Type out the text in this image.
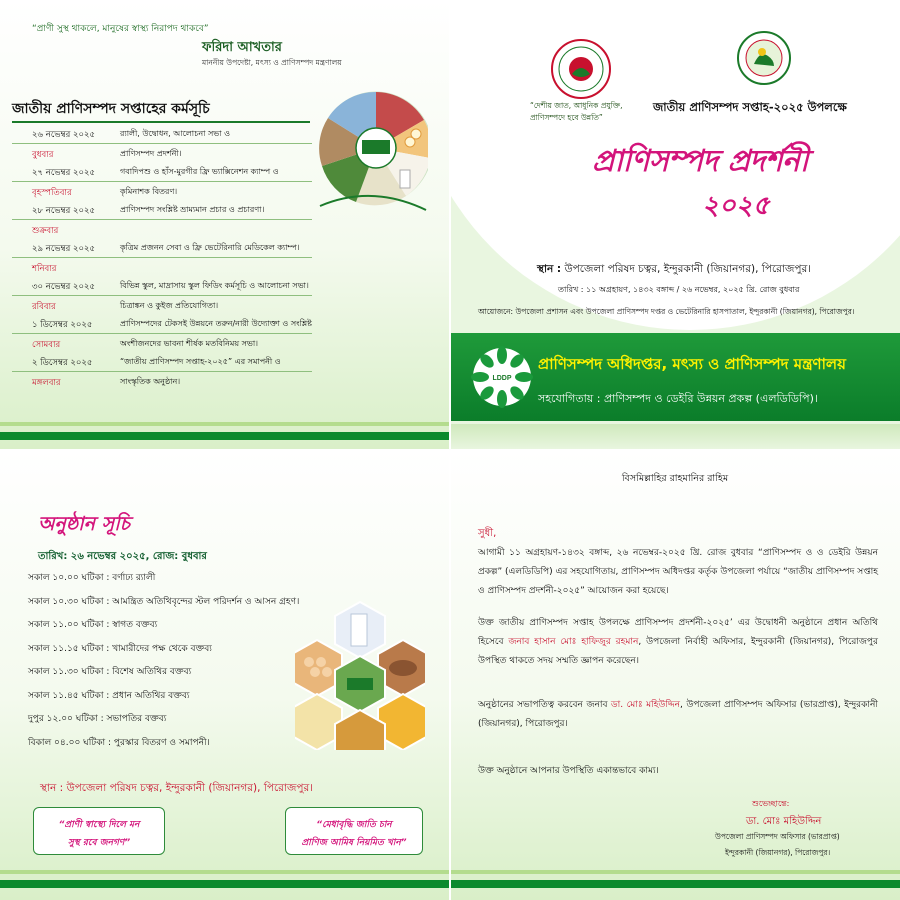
“প্রাণী সুস্থ থাকলে, মানুষের স্বাস্থ্য নিরাপদ থাকবে”
ফরিদা আখতার
মাননীয় উপদেষ্টা, মৎস্য ও প্রাণিসম্পদ মন্ত্রণালয়
জাতীয় প্রাণিসম্পদ সপ্তাহের কর্মসূচি
২৬ নভেম্বর ২০২৫
বুধবার
র‍্যালী, উদ্বোধন, আলোচনা সভা ও
প্রাণিসম্পদ প্রদর্শনী।
২৭ নভেম্বর ২০২৫
বৃহস্পতিবার
গবাদিপশু ও হাঁস-মুরগীর ফ্রি ভ্যাক্সিনেশন ক্যাম্প ও
কৃমিনাশক বিতরণ।
২৮ নভেম্বর ২০২৫
শুক্রবার
প্রাণিসম্পদ সংশ্লিষ্ট ভ্রাম্যমান প্রচার ও প্রচারণা।
২৯ নভেম্বর ২০২৫
শনিবার
কৃত্রিম প্রজনন সেবা ও ফ্রি ভেটেরিনারি মেডিকেল ক্যাম্প।
৩০ নভেম্বর ২০২৫
রবিবার
বিভিন্ন স্কুল, মাদ্রাসায় স্কুল ফিডিং কর্মসূচি ও আলোচনা সভা।
চিত্রাঙ্কন ও কুইজ প্রতিযোগিতা।
১ ডিসেম্বর ২০২৫
সোমবার
প্রাণিসম্পদের টেকসই উন্নয়নে তরুন/নারী উদ্যোক্তা ও সংশ্লিষ্ট
অংশীজনদের ভাবনা শীর্ষক মতবিনিময় সভা।
২ ডিসেম্বর ২০২৫
মঙ্গলবার
“জাতীয় প্রাণিসম্পদ সপ্তাহ-২০২৫” এর সমাপনী ও
সাংস্কৃতিক অনুষ্ঠান।
“দেশীয় জাত, আধুনিক প্রযুক্তি,
প্রাণিসম্পদে হবে উন্নতি”
জাতীয় প্রাণিসম্পদ সপ্তাহ-২০২৫ উপলক্ষে
প্রাণিসম্পদ প্রদর্শনী
২০২৫
স্থান : উপজেলা পরিষদ চত্বর, ইন্দুরকানী (জিয়ানগর), পিরোজপুর।
তারিখ : ১১ অগ্রহায়ণ, ১৪৩২ বঙ্গাব্দ / ২৬ নভেম্বর, ২০২৫ খ্রি. রোজ বুধবার
আয়োজনে: উপজেলা প্রশাসন এবং উপজেলা প্রাণিসম্পদ দপ্তর ও ভেটেরিনারি হাসপাতাল, ইন্দুরকানী (জিয়ানগর), পিরোজপুর।
LDDP
প্রাণিসম্পদ অধিদপ্তর, মৎস্য ও প্রাণিসম্পদ মন্ত্রণালয়
সহযোগিতায় : প্রাণিসম্পদ ও ডেইরি উন্নয়ন প্রকল্প (এলডিডিপি)।
অনুষ্ঠান সূচি
তারিখ: ২৬ নভেম্বর ২০২৫, রোজ: বুধবার
সকাল ১০.০০ ঘটিকা : বর্ণাঢ্য র‍্যালী
সকাল ১০.৩০ ঘটিকা : আমন্ত্রিত অতিথিবৃন্দের স্টল পরিদর্শন ও আসন গ্রহণ।
সকাল ১১.০০ ঘটিকা : স্বাগত বক্তব্য
সকাল ১১.১৫ ঘটিকা : খামারীদের পক্ষ থেকে বক্তব্য
সকাল ১১.৩০ ঘটিকা : বিশেষ অতিথির বক্তব্য
সকাল ১১.৪৫ ঘটিকা : প্রধান অতিথির বক্তব্য
দুপুর ১২.০০ ঘটিকা : সভাপতির বক্তব্য
বিকাল ০৪.০০ ঘটিকা : পুরস্কার বিতরণ ও সমাপনী।
স্থান : উপজেলা পরিষদ চত্বর, ইন্দুরকানী (জিয়ানগর), পিরোজপুর।
“প্রাণী স্বাস্থ্যে দিলে মন
সুস্থ রবে জনগণ”
“মেধাবৃদ্ধি জাতি চান
প্রাণিজ আমিষ নিয়মিত খান”
বিসমিল্লাহির রাহমানির রাহিম
সুধী,
আগামী ১১ অগ্রহায়ণ-১৪৩২ বঙ্গাব্দ, ২৬ নভেম্বর-২০২৫ খ্রি. রোজ বুধবার “প্রাণিসম্পদ ও ও ডেইরি উন্নয়ন প্রকল্প” (এলডিডিপি) এর সহযোগিতায়, প্রাণিসম্পদ অধিদপ্তর কর্তৃক উপজেলা পর্যায়ে “জাতীয় প্রাণিসম্পদ সপ্তাহ ও প্রাণিসম্পদ প্রদর্শনী-২০২৫” আয়োজন করা হয়েছে।
উক্ত জাতীয় প্রাণিসম্পদ সপ্তাহ উপলক্ষে প্রাণিসম্পদ প্রদর্শনী-২০২৫’ এর উদ্বোধনী অনুষ্ঠানে প্রধান অতিথি হিসেবে জনাব হাসান মোঃ হাফিজুর রহমান, উপজেলা নির্বাহী অফিসার, ইন্দুরকানী (জিয়ানগর), পিরোজপুর উপস্থিত থাকতে সদয় সম্মতি জ্ঞাপন করেছেন।
অনুষ্ঠানের সভাপতিত্ব করবেন জনাব ডা. মোঃ মহিউদ্দিন, উপজেলা প্রাণিসম্পদ অফিসার (ভারপ্রাপ্ত), ইন্দুরকানী (জিয়ানগর), পিরোজপুর।
উক্ত অনুষ্ঠানে আপনার উপস্থিতি একান্তভাবে কাম্য।
শুভেচ্ছান্তে:
ডা. মোঃ মহিউদ্দিন
উপজেলা প্রাণিসম্পদ অফিসার (ভারপ্রাপ্ত)
ইন্দুরকানী (জিয়ানগর), পিরোজপুর।
